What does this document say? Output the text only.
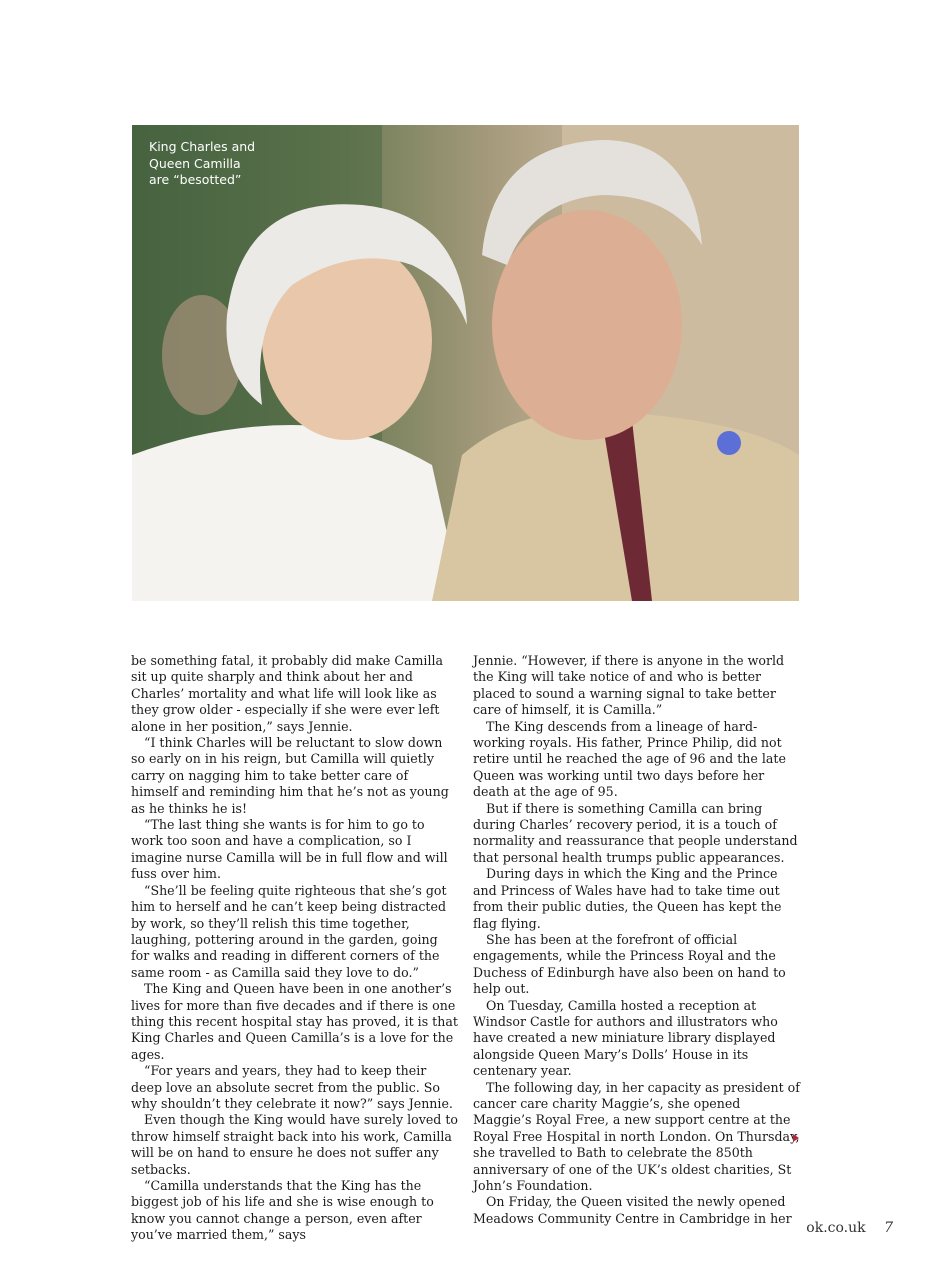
King Charles and
Queen Camilla
are “besotted”

be something fatal, it probably did make Camilla sit up quite sharply and think about her and Charles’ mortality and what life will look like as they grow older - especially if she were ever left alone in her position,” says Jennie.

“I think Charles will be reluctant to slow down so early on in his reign, but Camilla will quietly carry on nagging him to take better care of himself and reminding him that he’s not as young as he thinks he is!

“The last thing she wants is for him to go to work too soon and have a complication, so I imagine nurse Camilla will be in full flow and will fuss over him.

“She’ll be feeling quite righteous that she’s got him to herself and he can’t keep being distracted by work, so they’ll relish this time together, laughing, pottering around in the garden, going for walks and reading in different corners of the same room - as Camilla said they love to do.”

The King and Queen have been in one another’s lives for more than five decades and if there is one thing this recent hospital stay has proved, it is that King Charles and Queen Camilla’s is a love for the ages.

“For years and years, they had to keep their deep love an absolute secret from the public. So why shouldn’t they celebrate it now?” says Jennie.

Even though the King would have surely loved to throw himself straight back into his work, Camilla will be on hand to ensure he does not suffer any setbacks.

“Camilla understands that the King has the biggest job of his life and she is wise enough to know you cannot change a person, even after you’ve married them,” says

Jennie. “However, if there is anyone in the world the King will take notice of and who is better placed to sound a warning signal to take better care of himself, it is Camilla.”

The King descends from a lineage of hard-working royals. His father, Prince Philip, did not retire until he reached the age of 96 and the late Queen was working until two days before her death at the age of 95.

But if there is something Camilla can bring during Charles’ recovery period, it is a touch of normality and reassurance that people understand that personal health trumps public appearances.

During days in which the King and the Prince and Princess of Wales have had to take time out from their public duties, the Queen has kept the flag flying.

She has been at the forefront of official engagements, while the Princess Royal and the Duchess of Edinburgh have also been on hand to help out.

On Tuesday, Camilla hosted a reception at Windsor Castle for authors and illustrators who have created a new miniature library displayed alongside Queen Mary’s Dolls’ House in its centenary year.

The following day, in her capacity as president of cancer care charity Maggie’s, she opened Maggie’s Royal Free, a new support centre at the Royal Free Hospital in north London. On Thursday, she travelled to Bath to celebrate the 850th anniversary of one of the UK’s oldest charities, St John’s Foundation.

On Friday, the Queen visited the newly opened Meadows Community Centre in Cambridge in her

ok.co.uk 7
